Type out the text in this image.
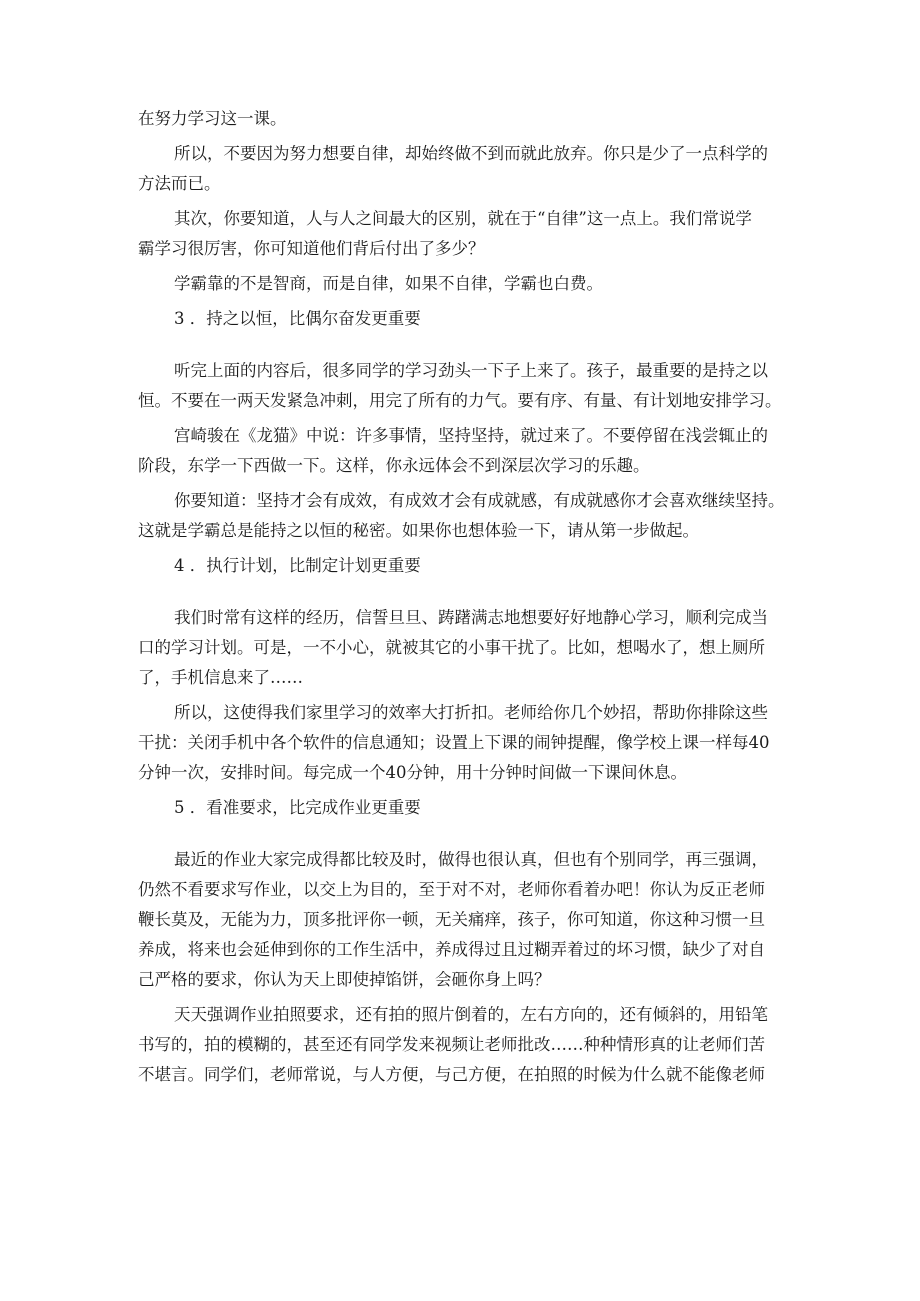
在努力学习这一课。

所以，不要因为努力想要自律，却始终做不到而就此放弃。你只是少了一点科学的

方法而已。

其次，你要知道，人与人之间最大的区别，就在于“自律”这一点上。我们常说学

霸学习很厉害，你可知道他们背后付出了多少？

学霸靠的不是智商，而是自律，如果不自律，学霸也白费。

3 ．持之以恒，比偶尔奋发更重要

听完上面的内容后，很多同学的学习劲头一下子上来了。孩子，最重要的是持之以

恒。不要在一两天发紧急冲刺，用完了所有的力气。要有序、有量、有计划地安排学习。

宫崎骏在《龙猫》中说：许多事情，坚持坚持，就过来了。不要停留在浅尝辄止的

阶段，东学一下西做一下。这样，你永远体会不到深层次学习的乐趣。

你要知道：坚持才会有成效，有成效才会有成就感，有成就感你才会喜欢继续坚持。

这就是学霸总是能持之以恒的秘密。如果你也想体验一下，请从第一步做起。

4 ．执行计划，比制定计划更重要

我们时常有这样的经历，信誓旦旦、踌躇满志地想要好好地静心学习，顺利完成当

口的学习计划。可是，一不小心，就被其它的小事干扰了。比如，想喝水了，想上厕所

了，手机信息来了……

所以，这使得我们家里学习的效率大打折扣。老师给你几个妙招，帮助你排除这些

干扰：关闭手机中各个软件的信息通知；设置上下课的闹钟提醒，像学校上课一样每40

分钟一次，安排时间。每完成一个40分钟，用十分钟时间做一下课间休息。

5 ．看准要求，比完成作业更重要

最近的作业大家完成得都比较及时，做得也很认真，但也有个别同学，再三强调，

仍然不看要求写作业，以交上为目的，至于对不对，老师你看着办吧！你认为反正老师

鞭长莫及，无能为力，顶多批评你一顿，无关痛痒，孩子，你可知道，你这种习惯一旦

养成，将来也会延伸到你的工作生活中，养成得过且过糊弄着过的坏习惯，缺少了对自

己严格的要求，你认为天上即使掉馅饼，会砸你身上吗？

天天强调作业拍照要求，还有拍的照片倒着的，左右方向的，还有倾斜的，用铅笔

书写的，拍的模糊的，甚至还有同学发来视频让老师批改……种种情形真的让老师们苦

不堪言。同学们，老师常说，与人方便，与己方便，在拍照的时候为什么就不能像老师
